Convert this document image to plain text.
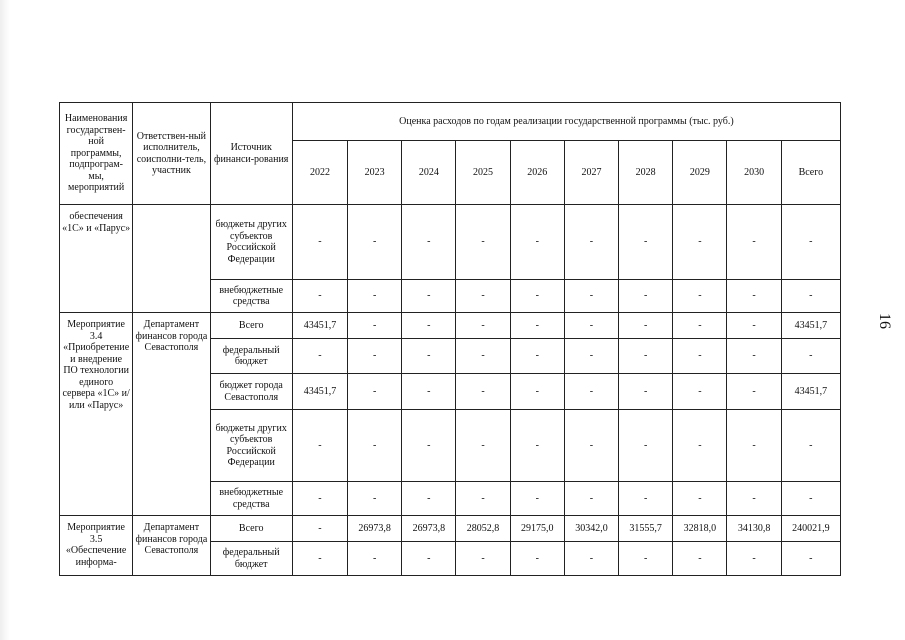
Наименования государствен-ной программы, подпрограм-мы, мероприятий	Ответствен-ный исполнитель, соисполни-тель, участник	Источник финанси-рования	Оценка расходов по годам реализации государственной программы (тыс. руб.)									
			2022	2023	2024	2025	2026	2027	2028	2029	2030	Всего
обеспечения «1С» и «Парус»		бюджеты других субъектов Российской Федерации	-	-	-	-	-	-	-	-	-	-
		внебюджетные средства	-	-	-	-	-	-	-	-	-	-
Мероприятие 3.4 «Приобретение и внедрение ПО технологии единого сервера «1С» и/или «Парус»	Департамент финансов города Севастополя	Всего	43451,7	-	-	-	-	-	-	-	-	43451,7
		федеральный бюджет	-	-	-	-	-	-	-	-	-	-
		бюджет города Севастополя	43451,7	-	-	-	-	-	-	-	-	43451,7
		бюджеты других субъектов Российской Федерации	-	-	-	-	-	-	-	-	-	-
		внебюджетные средства	-	-	-	-	-	-	-	-	-	-
Мероприятие 3.5 «Обеспечение информа-	Департамент финансов города Севастополя	Всего	-	26973,8	26973,8	28052,8	29175,0	30342,0	31555,7	32818,0	34130,8	240021,9
		федеральный бюджет	-	-	-	-	-	-	-	-	-	-
16
